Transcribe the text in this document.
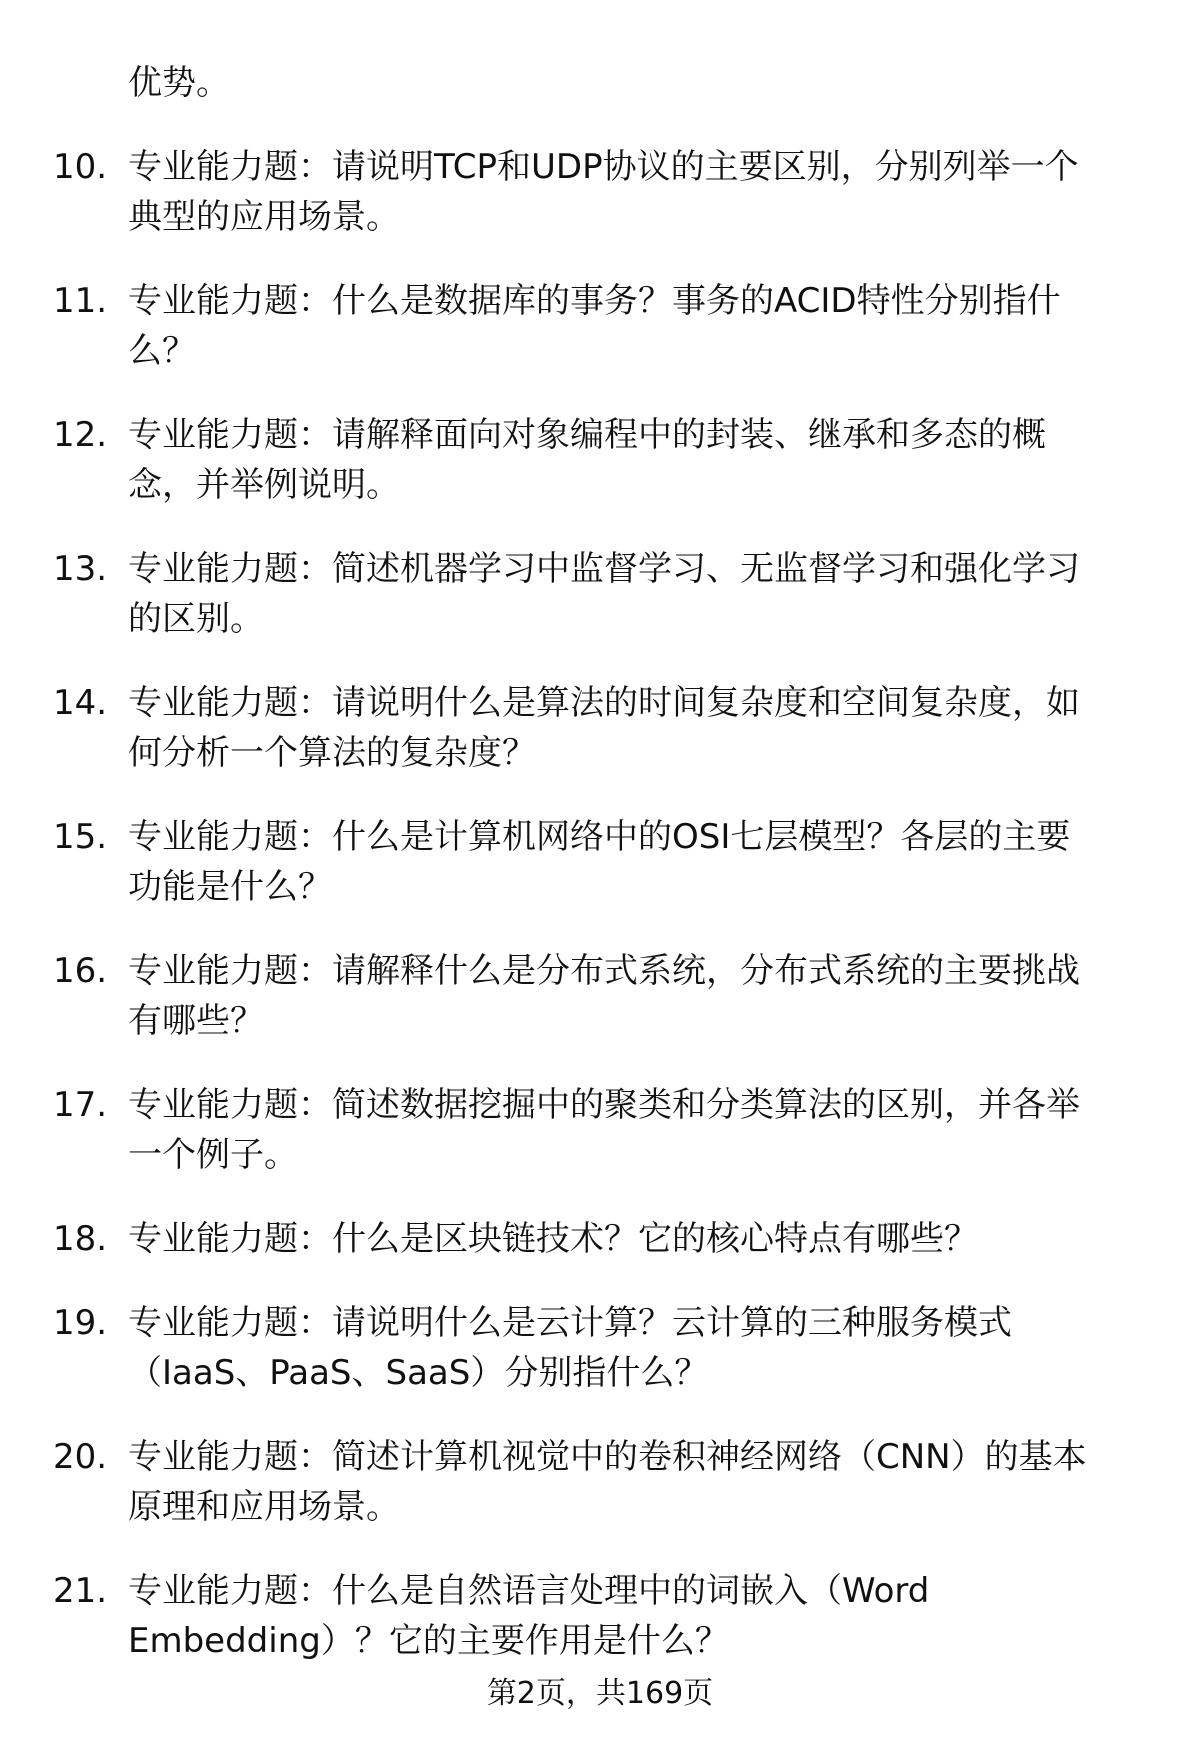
优势。
10. 专业能力题：请说明TCP和UDP协议的主要区别，分别列举一个
典型的应用场景。
11. 专业能力题：什么是数据库的事务？事务的ACID特性分别指什
么？
12. 专业能力题：请解释面向对象编程中的封装、继承和多态的概
念，并举例说明。
13. 专业能力题：简述机器学习中监督学习、无监督学习和强化学习
的区别。
14. 专业能力题：请说明什么是算法的时间复杂度和空间复杂度，如
何分析一个算法的复杂度？
15. 专业能力题：什么是计算机网络中的OSI七层模型？各层的主要
功能是什么？
16. 专业能力题：请解释什么是分布式系统，分布式系统的主要挑战
有哪些？
17. 专业能力题：简述数据挖掘中的聚类和分类算法的区别，并各举
一个例子。
18. 专业能力题：什么是区块链技术？它的核心特点有哪些？
19. 专业能力题：请说明什么是云计算？云计算的三种服务模式
（IaaS、PaaS、SaaS）分别指什么？
20. 专业能力题：简述计算机视觉中的卷积神经网络（CNN）的基本
原理和应用场景。
21. 专业能力题：什么是自然语言处理中的词嵌入（Word
Embedding）？它的主要作用是什么？
第2页，共169页
